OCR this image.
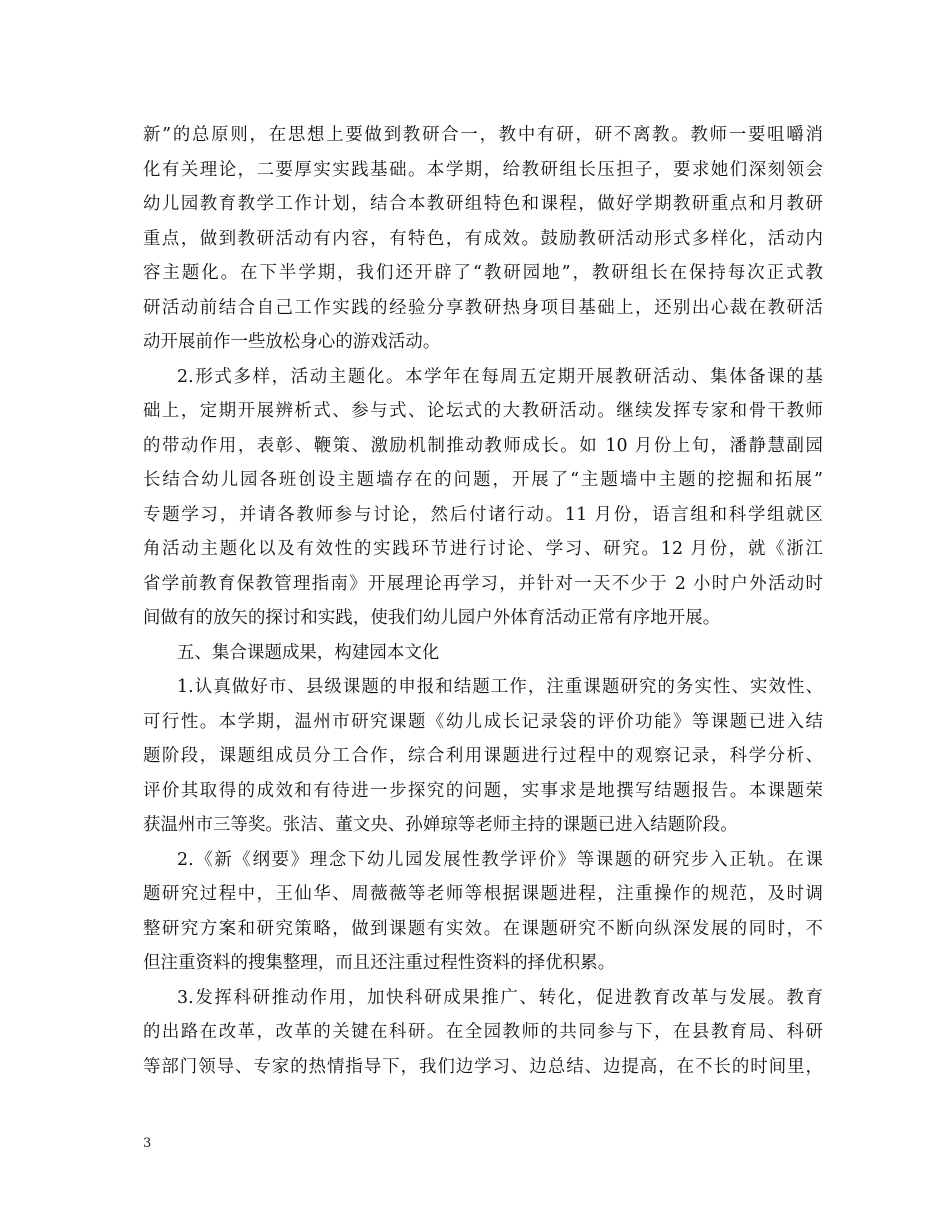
新”的总原则，在思想上要做到教研合一，教中有研，研不离教。教师一要咀嚼消
化有关理论，二要厚实实践基础。本学期，给教研组长压担子，要求她们深刻领会
幼儿园教育教学工作计划，结合本教研组特色和课程，做好学期教研重点和月教研
重点，做到教研活动有内容，有特色，有成效。鼓励教研活动形式多样化，活动内
容主题化。在下半学期，我们还开辟了“教研园地”，教研组长在保持每次正式教
研活动前结合自己工作实践的经验分享教研热身项目基础上，还别出心裁在教研活
动开展前作一些放松身心的游戏活动。
2.形式多样，活动主题化。本学年在每周五定期开展教研活动、集体备课的基
础上，定期开展辨析式、参与式、论坛式的大教研活动。继续发挥专家和骨干教师
的带动作用，表彰、鞭策、激励机制推动教师成长。如 10 月份上旬，潘静慧副园
长结合幼儿园各班创设主题墙存在的问题，开展了“主题墙中主题的挖掘和拓展”
专题学习，并请各教师参与讨论，然后付诸行动。11 月份，语言组和科学组就区
角活动主题化以及有效性的实践环节进行讨论、学习、研究。12 月份，就《浙江
省学前教育保教管理指南》开展理论再学习，并针对一天不少于 2 小时户外活动时
间做有的放矢的探讨和实践，使我们幼儿园户外体育活动正常有序地开展。
五、集合课题成果，构建园本文化
1.认真做好市、县级课题的申报和结题工作，注重课题研究的务实性、实效性、
可行性。本学期，温州市研究课题《幼儿成长记录袋的评价功能》等课题已进入结
题阶段，课题组成员分工合作，综合利用课题进行过程中的观察记录，科学分析、
评价其取得的成效和有待进一步探究的问题，实事求是地撰写结题报告。本课题荣
获温州市三等奖。张洁、董文央、孙婵琼等老师主持的课题已进入结题阶段。
2.《新《纲要》理念下幼儿园发展性教学评价》等课题的研究步入正轨。在课
题研究过程中，王仙华、周薇薇等老师等根据课题进程，注重操作的规范，及时调
整研究方案和研究策略，做到课题有实效。在课题研究不断向纵深发展的同时，不
但注重资料的搜集整理，而且还注重过程性资料的择优积累。
3.发挥科研推动作用，加快科研成果推广、转化，促进教育改革与发展。教育
的出路在改革，改革的关键在科研。在全园教师的共同参与下，在县教育局、科研
等部门领导、专家的热情指导下，我们边学习、边总结、边提高，在不长的时间里，
3
